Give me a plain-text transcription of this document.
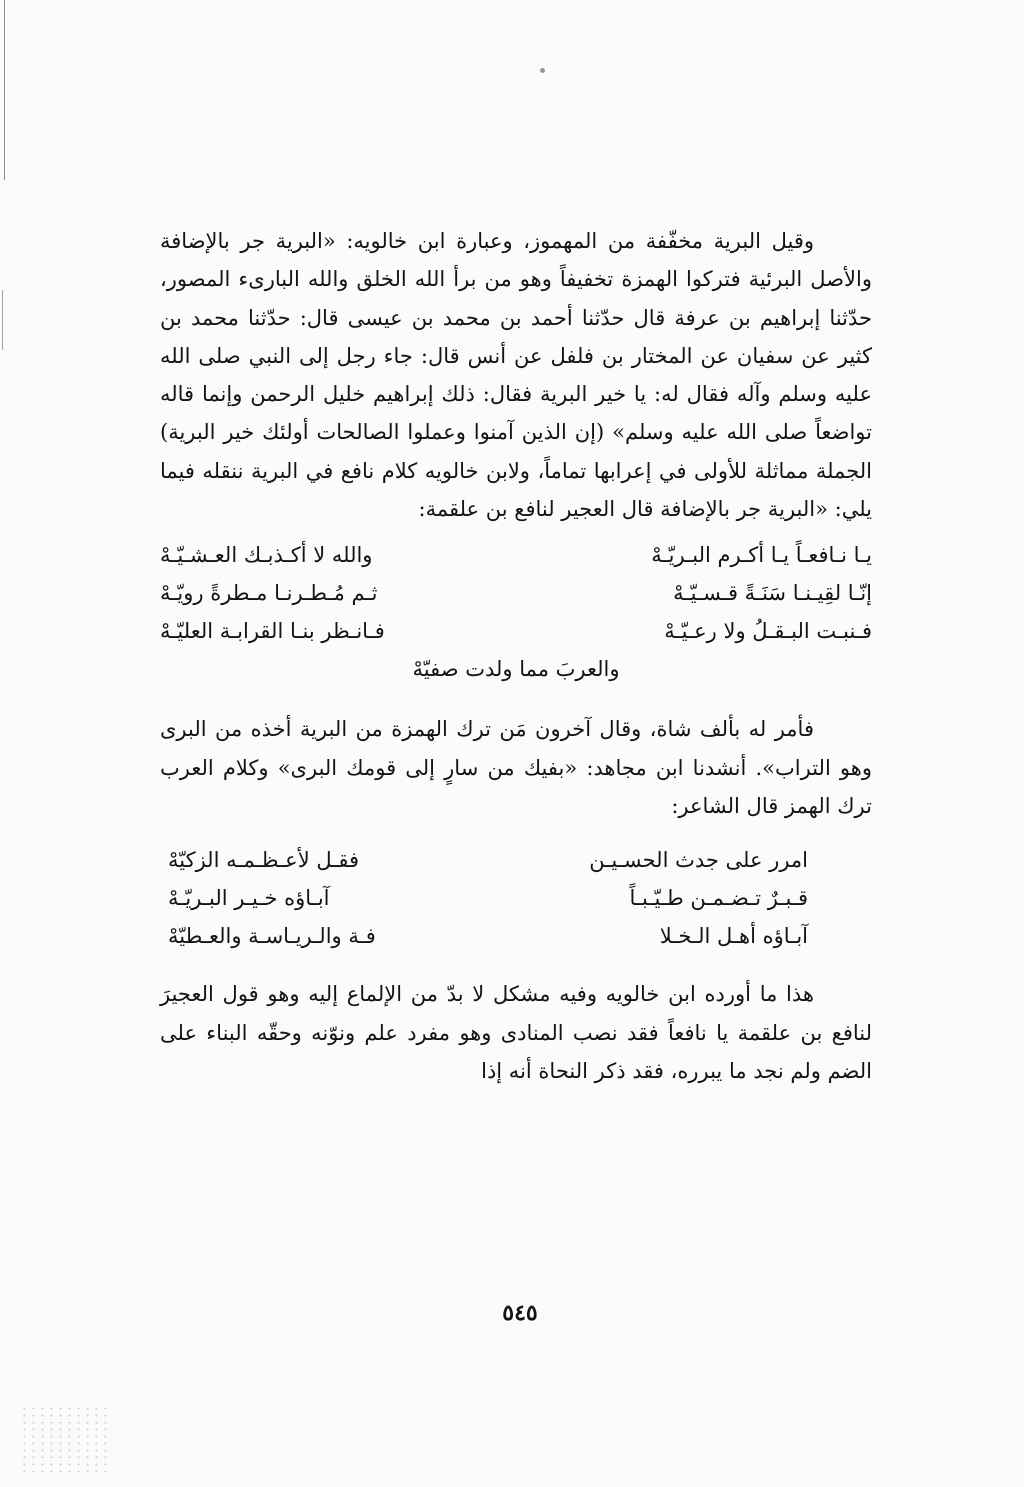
وقيل البرية مخفّفة من المهموز، وعبارة ابن خالويه: «البرية جر بالإضافة والأصل البرئية فتركوا الهمزة تخفيفاً وهو من برأ الله الخلق والله البارىء المصور، حدّثنا إبراهيم بن عرفة قال حدّثنا أحمد بن محمد بن عيسى قال: حدّثنا محمد بن كثير عن سفيان عن المختار بن فلفل عن أنس قال: جاء رجل إلى النبي صلى الله عليه وسلم وآله فقال له: يا خير البرية فقال: ذلك إبراهيم خليل الرحمن وإنما قاله تواضعاً صلى الله عليه وسلم» (إن الذين آمنوا وعملوا الصالحات أولئك خير البرية) الجملة مماثلة للأولى في إعرابها تماماً، ولابن خالويه كلام نافع في البرية ننقله فيما يلي: «البرية جر بالإضافة قال العجير لنافع بن علقمة:

يـا نـافعـاً يـا أكـرم البـريّـهْ
والله لا أكـذبـك العـشـيّـهْ
إنّـا لقِيـنـا سَنَـةً قـسـيّـهْ
ثـم مُـطـرنـا مـطرةً رويّـهْ
فـنبـت البـقـلُ ولا رعـيّـهْ
فـانـظر بنـا القرابـة العليّـهْ
والعربَ مما ولدت صفيّهْ

فأمر له بألف شاة، وقال آخرون مَن ترك الهمزة من البرية أخذه من البرى وهو التراب». أنشدنا ابن مجاهد: «بفيك من سارٍ إلى قومك البرى» وكلام العرب ترك الهمز قال الشاعر:

امرر على جدث الحسـيـن
فقـل لأعـظـمـه الزكيّهْ
قـبـرٌ تـضـمـن طـيّـبـاً
آبـاؤه خـيـر البـريّـهْ
آبـاؤه أهـل الـخـلا
فـة والـريـاسـة والعـطيّهْ

هذا ما أورده ابن خالويه وفيه مشكل لا بدّ من الإلماع إليه وهو قول العجيرَ لنافع بن علقمة يا نافعاً فقد نصب المنادى وهو مفرد علم ونوّنه وحقّه البناء على الضم ولم نجد ما يبرره، فقد ذكر النحاة أنه إذا

٥٤٥
